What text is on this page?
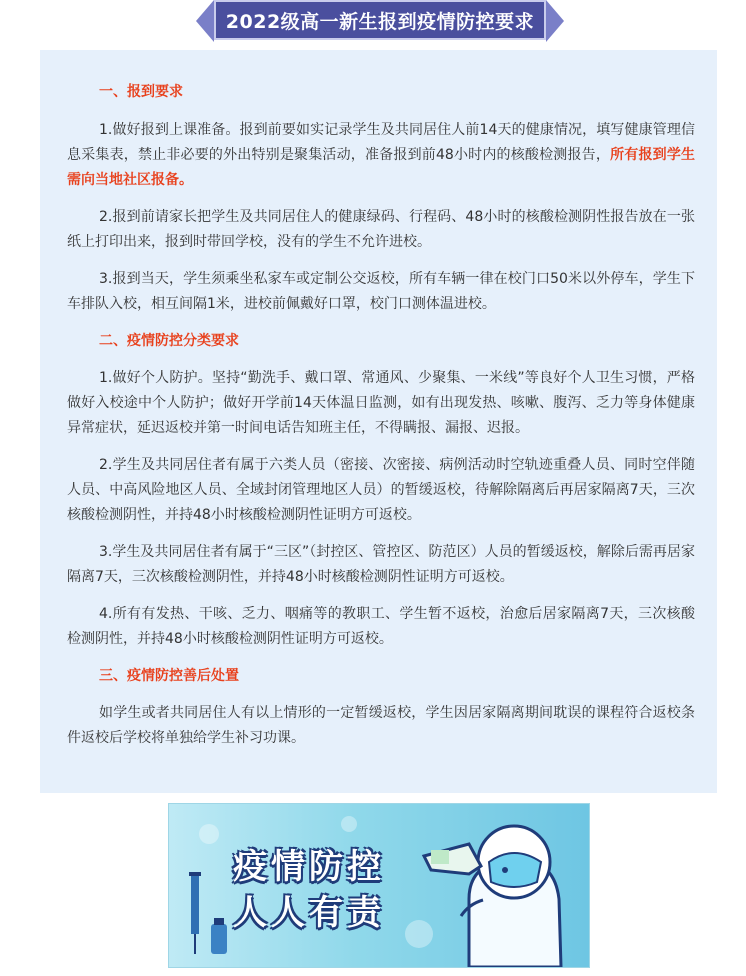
2022级高一新生报到疫情防控要求

一、报到要求

1.做好报到上课准备。报到前要如实记录学生及共同居住人前14天的健康情况，填写健康管理信息采集表，禁止非必要的外出特别是聚集活动，准备报到前48小时内的核酸检测报告，所有报到学生需向当地社区报备。

2.报到前请家长把学生及共同居住人的健康绿码、行程码、48小时的核酸检测阴性报告放在一张纸上打印出来，报到时带回学校，没有的学生不允许进校。

3.报到当天，学生须乘坐私家车或定制公交返校，所有车辆一律在校门口50米以外停车，学生下车排队入校，相互间隔1米，进校前佩戴好口罩，校门口测体温进校。

二、疫情防控分类要求

1.做好个人防护。坚持“勤洗手、戴口罩、常通风、少聚集、一米线”等良好个人卫生习惯，严格做好入校途中个人防护；做好开学前14天体温日监测，如有出现发热、咳嗽、腹泻、乏力等身体健康异常症状，延迟返校并第一时间电话告知班主任，不得瞒报、漏报、迟报。

2.学生及共同居住者有属于六类人员（密接、次密接、病例活动时空轨迹重叠人员、同时空伴随人员、中高风险地区人员、全域封闭管理地区人员）的暂缓返校，待解除隔离后再居家隔离7天，三次核酸检测阴性，并持48小时核酸检测阴性证明方可返校。

3.学生及共同居住者有属于“三区”（封控区、管控区、防范区）人员的暂缓返校，解除后需再居家隔离7天，三次核酸检测阴性，并持48小时核酸检测阴性证明方可返校。

4.所有有发热、干咳、乏力、咽痛等的教职工、学生暂不返校，治愈后居家隔离7天，三次核酸检测阴性，并持48小时核酸检测阴性证明方可返校。

三、疫情防控善后处置

如学生或者共同居住人有以上情形的一定暂缓返校，学生因居家隔离期间耽误的课程符合返校条件返校后学校将单独给学生补习功课。

疫情防控
人人有责
